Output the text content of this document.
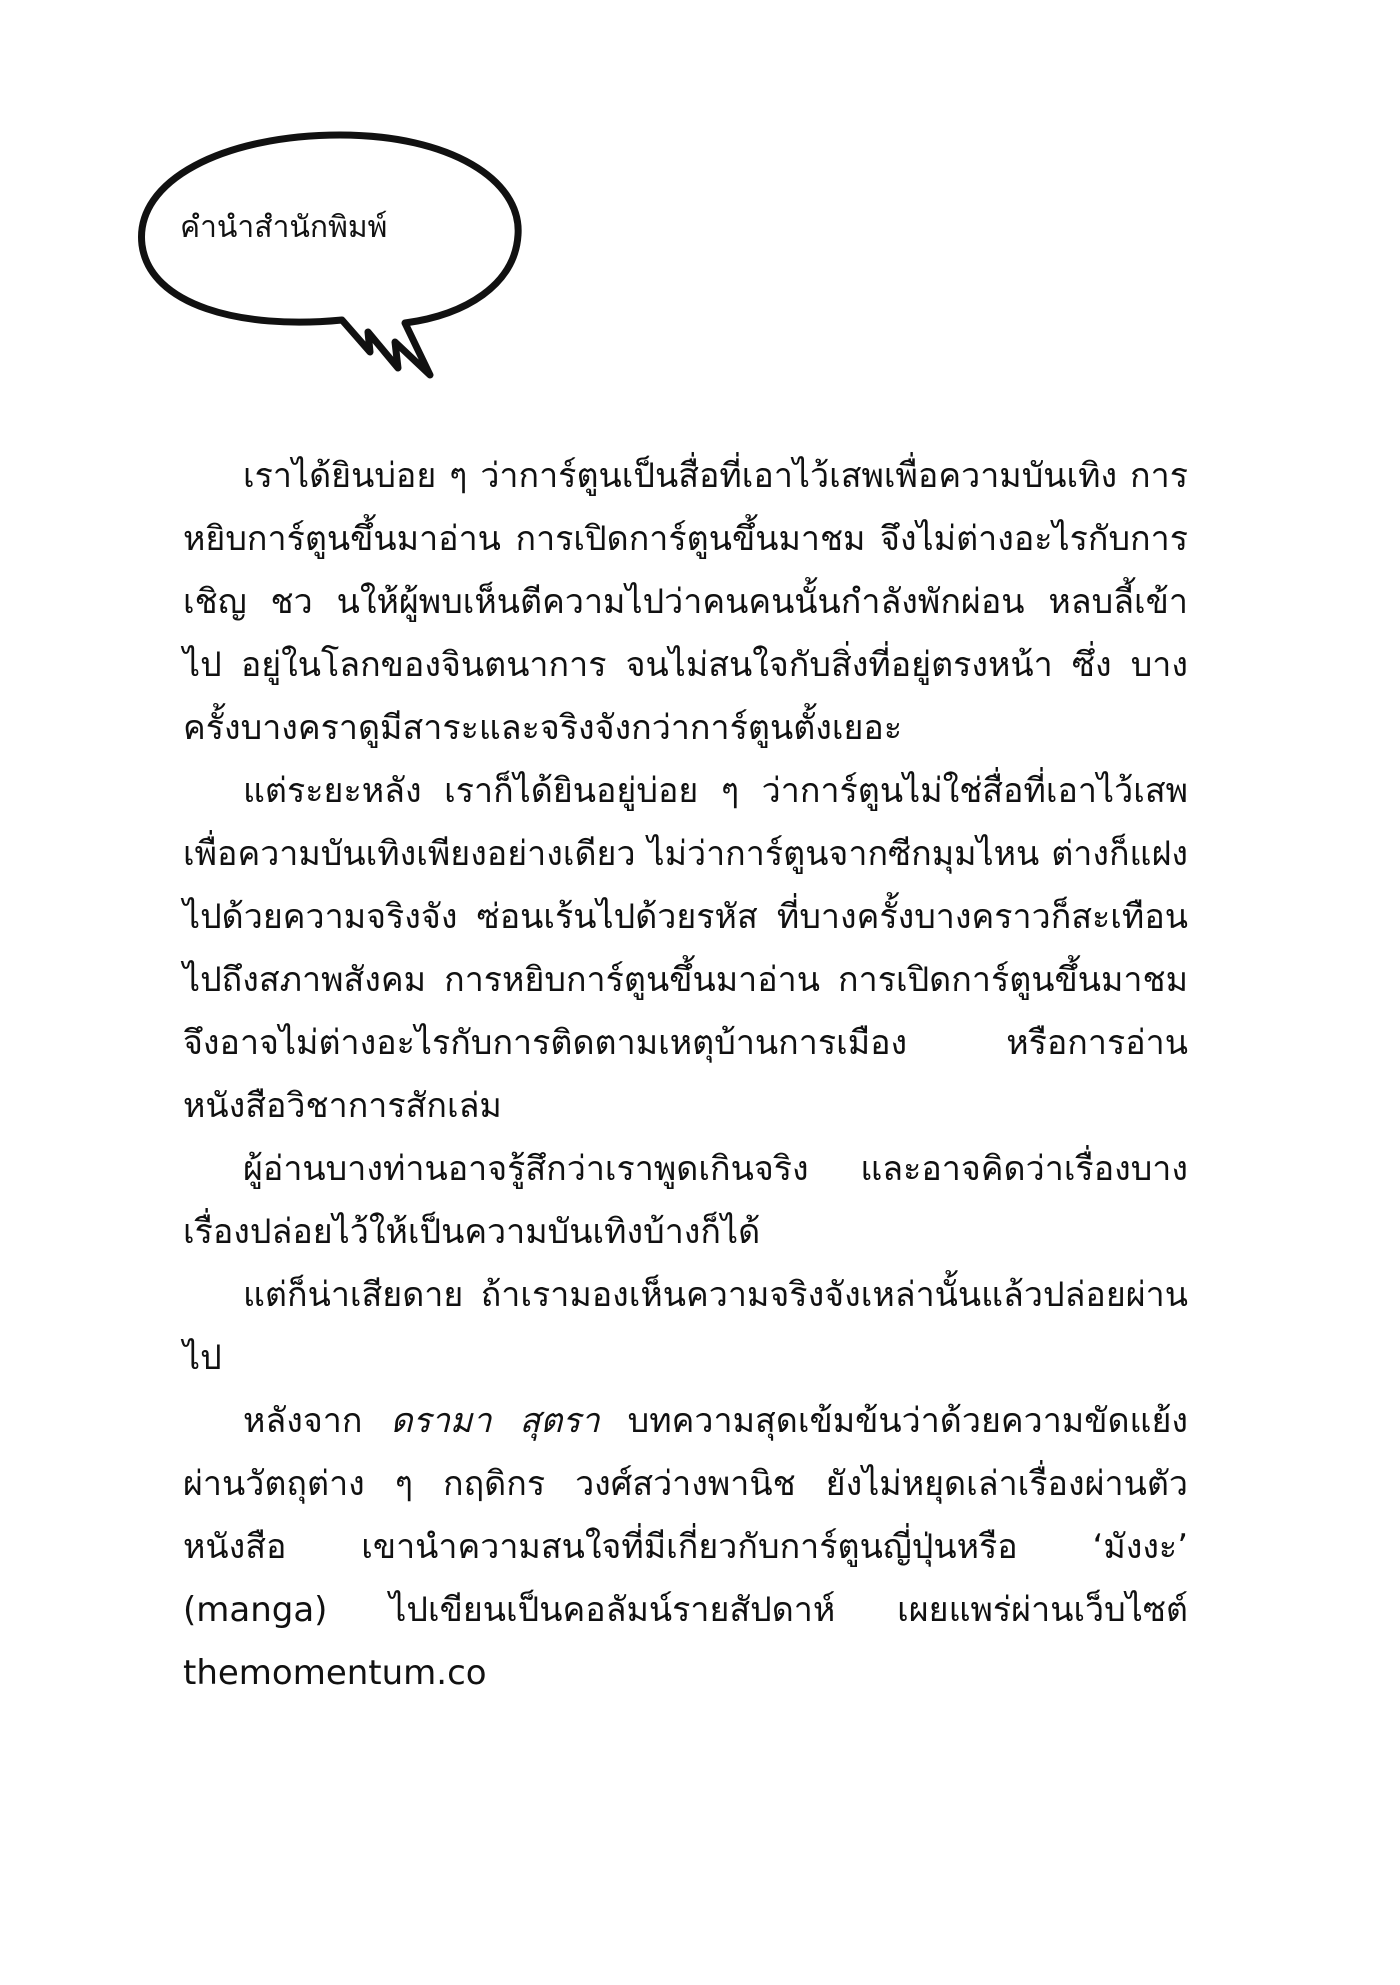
คำนำสำนักพิมพ์

เราได้ยินบ่อย ๆ ว่าการ์ตูนเป็นสื่อที่เอาไว้เสพเพื่อความบันเทิง การหยิบการ์ตูนขึ้นมาอ่าน การเปิดการ์ตูนขึ้นมาชม จึงไม่ต่างอะไรกับการเชิญ ชว นให้ผู้พบเห็นตีความไปว่าคนคนนั้นกำลังพักผ่อน หลบลี้เข้า ไป อยู่ในโลกของจินตนาการ จนไม่สนใจกับสิ่งที่อยู่ตรงหน้า ซึ่ง บางครั้งบางคราดูมีสาระและจริงจังกว่าการ์ตูนตั้งเยอะ

แต่ระยะหลัง เราก็ได้ยินอยู่บ่อย ๆ ว่าการ์ตูนไม่ใช่สื่อที่เอาไว้เสพเพื่อความบันเทิงเพียงอย่างเดียว ไม่ว่าการ์ตูนจากซีกมุมไหน ต่างก็แฝงไปด้วยความจริงจัง ซ่อนเร้นไปด้วยรหัส ที่บางครั้งบางคราวก็สะเทือนไปถึงสภาพสังคม การหยิบการ์ตูนขึ้นมาอ่าน การเปิดการ์ตูนขึ้นมาชม จึงอาจไม่ต่างอะไรกับการติดตามเหตุบ้านการเมือง หรือการอ่านหนังสือวิชาการสักเล่ม

ผู้อ่านบางท่านอาจรู้สึกว่าเราพูดเกินจริง และอาจคิดว่าเรื่องบางเรื่องปล่อยไว้ให้เป็นความบันเทิงบ้างก็ได้

แต่ก็น่าเสียดาย ถ้าเรามองเห็นความจริงจังเหล่านั้นแล้วปล่อยผ่านไป

หลังจาก ดรามา สุตรา บทความสุดเข้มข้นว่าด้วยความขัดแย้งผ่านวัตถุต่าง ๆ กฤดิกร วงศ์สว่างพานิช ยังไม่หยุดเล่าเรื่องผ่านตัวหนังสือ เขานำความสนใจที่มีเกี่ยวกับการ์ตูนญี่ปุ่นหรือ ‘มังงะ’ (manga) ไปเขียนเป็นคอลัมน์รายสัปดาห์ เผยแพร่ผ่านเว็บไซต์ themomentum.co
